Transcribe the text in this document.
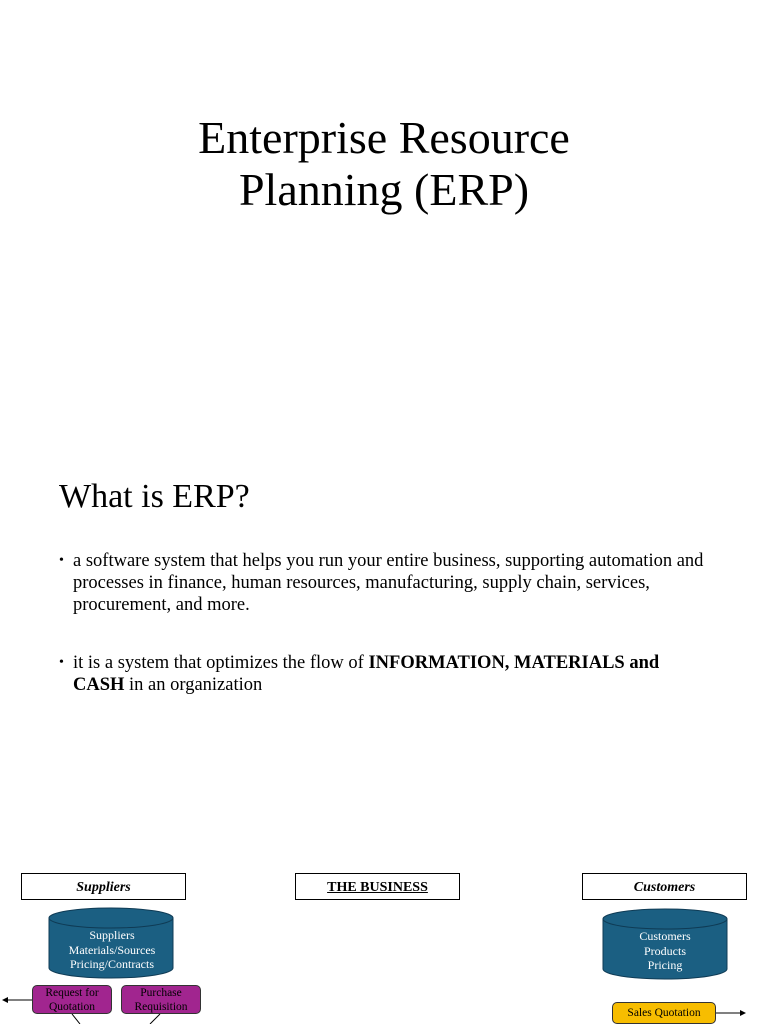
Enterprise Resource
Planning (ERP)
What is ERP?
• a software system that helps you run your entire business, supporting automation and processes in finance, human resources, manufacturing, supply chain, services, procurement, and more.
• it is a system that optimizes the flow of INFORMATION, MATERIALS and
CASH in an organization
Suppliers	THE BUSINESS	Customers
Suppliers
Materials/Sources
Pricing/Contracts
Customers
Products
Pricing
Request for
Quotation
Purchase
Requisition	Sales Quotation
